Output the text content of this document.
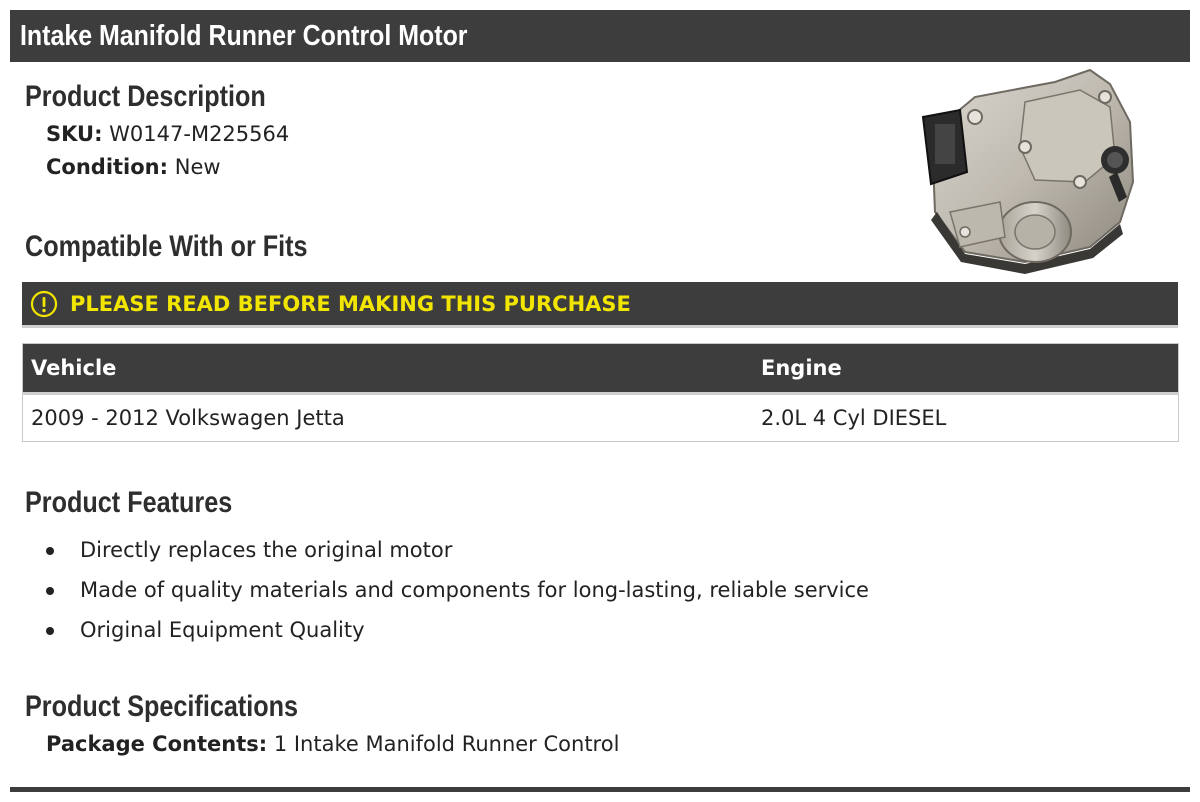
Intake Manifold Runner Control Motor
Product Description
SKU: W0147-M225564
Condition: New
Compatible With or Fits
PLEASE READ BEFORE MAKING THIS PURCHASE
Vehicle	Engine
2009 - 2012 Volkswagen Jetta	2.0L 4 Cyl DIESEL
Product Features
Directly replaces the original motor
Made of quality materials and components for long-lasting, reliable service
Original Equipment Quality
Product Specifications
Package Contents: 1 Intake Manifold Runner Control
